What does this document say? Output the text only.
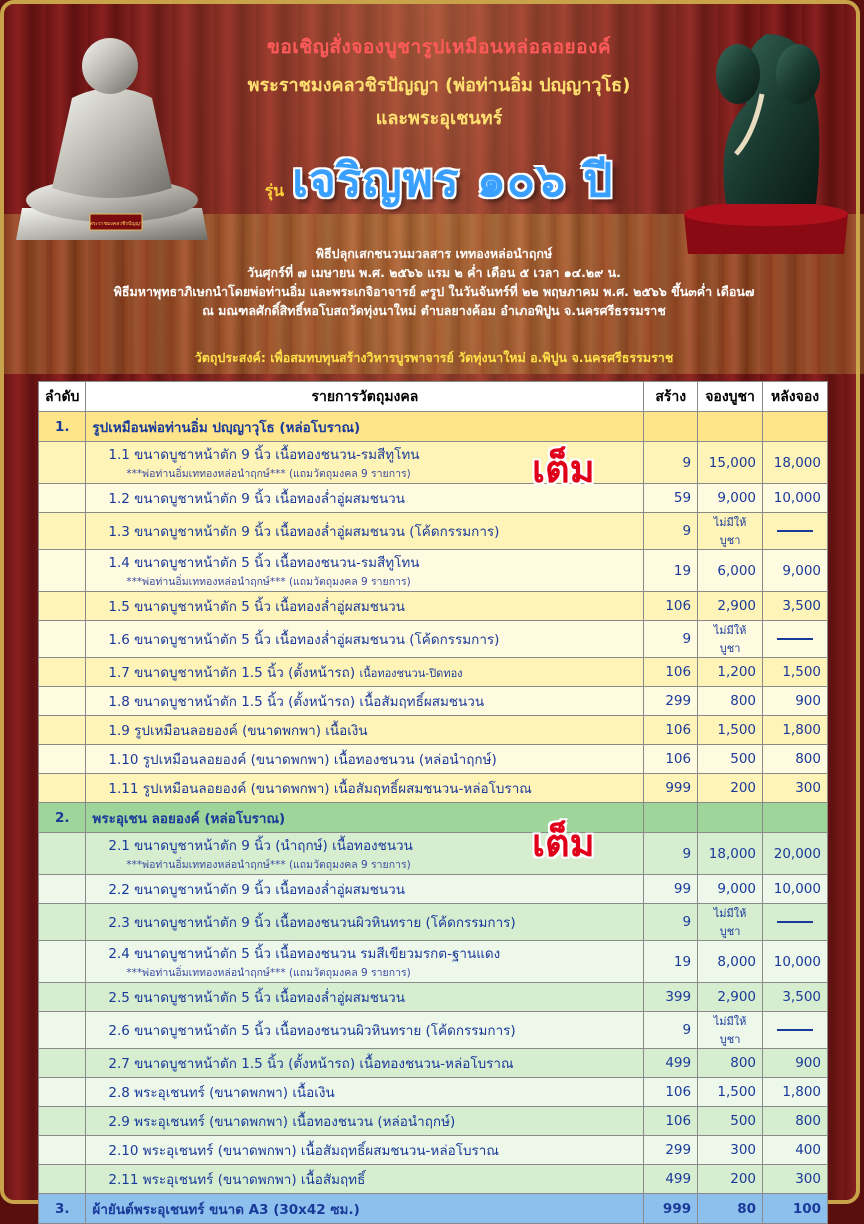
พระราชมงคลวชิรปัญญา
ขอเชิญสั่งจองบูชารูปเหมือนหล่อลอยองค์
พระราชมงคลวชิรปัญญา (พ่อท่านอิ่ม ปญฺญาวุโธ)
และพระอุเชนทร์
รุ่น เจริญพร ๑๐๖ ปี
พิธีปลุกเสกชนวนมวลสาร เททองหล่อนำฤกษ์
วันศุกร์ที่ ๗ เมษายน พ.ศ. ๒๕๖๖ แรม ๒ ค่ำ เดือน ๕ เวลา ๑๔.๒๙ น.
พิธีมหาพุทธาภิเษกนำโดยพ่อท่านอิ่ม และพระเกจิอาจารย์ ๙รูป ในวันจันทร์ที่ ๒๒ พฤษภาคม พ.ศ. ๒๕๖๖ ขึ้น๓ค่ำ เดือน๗
ณ มณฑลศักดิ์สิทธิ์หอโบสถวัดทุ่งนาใหม่ ตำบลยางค้อม อำเภอพิปูน จ.นครศรีธรรมราช
วัตถุประสงค์: เพื่อสมทบทุนสร้างวิหารบูรพาจารย์ วัดทุ่งนาใหม่ อ.พิปูน จ.นครศรีธรรมราช
ลำดับ	รายการวัตถุมงคล	สร้าง	จองบูชา	หลังจอง
1.	รูปเหมือนพ่อท่านอิ่ม ปญฺญาวุโธ (หล่อโบราณ)			

	1.1 ขนาดบูชาหน้าตัก 9 นิ้ว เนื้อทองชนวน-รมสีทูโทน
***พ่อท่านอิ่มเททองหล่อนำฤกษ์*** (แถมวัตถุมงคล 9 รายการ)	9	15,000	18,000

	1.2 ขนาดบูชาหน้าตัก 9 นิ้ว เนื้อทองล่ำอู่ผสมชนวน	59	9,000	10,000

	1.3 ขนาดบูชาหน้าตัก 9 นิ้ว เนื้อทองล่ำอู่ผสมชนวน (โค้ดกรรมการ)	9	ไม่มีให้บูชา	

	1.4 ขนาดบูชาหน้าตัก 5 นิ้ว เนื้อทองชนวน-รมสีทูโทน
***พ่อท่านอิ่มเททองหล่อนำฤกษ์*** (แถมวัตถุมงคล 9 รายการ)	19	6,000	9,000

	1.5 ขนาดบูชาหน้าตัก 5 นิ้ว เนื้อทองล่ำอู่ผสมชนวน	106	2,900	3,500

	1.6 ขนาดบูชาหน้าตัก 5 นิ้ว เนื้อทองล่ำอู่ผสมชนวน (โค้ดกรรมการ)	9	ไม่มีให้บูชา	

	1.7 ขนาดบูชาหน้าตัก 1.5 นิ้ว (ตั้งหน้ารถ) เนื้อทองชนวน-ปิดทอง	106	1,200	1,500

	1.8 ขนาดบูชาหน้าตัก 1.5 นิ้ว (ตั้งหน้ารถ) เนื้อสัมฤทธิ์ผสมชนวน	299	800	900

	1.9 รูปเหมือนลอยองค์ (ขนาดพกพา) เนื้อเงิน	106	1,500	1,800

	1.10 รูปเหมือนลอยองค์ (ขนาดพกพา) เนื้อทองชนวน (หล่อนำฤกษ์)	106	500	800

	1.11 รูปเหมือนลอยองค์ (ขนาดพกพา) เนื้อสัมฤทธิ์ผสมชนวน-หล่อโบราณ	999	200	300
2.	พระอุเชน ลอยองค์ (หล่อโบราณ)			

	2.1 ขนาดบูชาหน้าตัก 9 นิ้ว (นำฤกษ์) เนื้อทองชนวน
***พ่อท่านอิ่มเททองหล่อนำฤกษ์*** (แถมวัตถุมงคล 9 รายการ)	9	18,000	20,000

	2.2 ขนาดบูชาหน้าตัก 9 นิ้ว เนื้อทองล่ำอู่ผสมชนวน	99	9,000	10,000

	2.3 ขนาดบูชาหน้าตัก 9 นิ้ว เนื้อทองชนวนผิวหินทราย (โค้ดกรรมการ)	9	ไม่มีให้บูชา	

	2.4 ขนาดบูชาหน้าตัก 5 นิ้ว เนื้อทองชนวน รมสีเขียวมรกต-ฐานแดง
***พ่อท่านอิ่มเททองหล่อนำฤกษ์*** (แถมวัตถุมงคล 9 รายการ)	19	8,000	10,000

	2.5 ขนาดบูชาหน้าตัก 5 นิ้ว เนื้อทองล่ำอู่ผสมชนวน	399	2,900	3,500

	2.6 ขนาดบูชาหน้าตัก 5 นิ้ว เนื้อทองชนวนผิวหินทราย (โค้ดกรรมการ)	9	ไม่มีให้บูชา	

	2.7 ขนาดบูชาหน้าตัก 1.5 นิ้ว (ตั้งหน้ารถ) เนื้อทองชนวน-หล่อโบราณ	499	800	900

	2.8 พระอุเชนทร์ (ขนาดพกพา) เนื้อเงิน	106	1,500	1,800

	2.9 พระอุเชนทร์ (ขนาดพกพา) เนื้อทองชนวน (หล่อนำฤกษ์)	106	500	800

	2.10 พระอุเชนทร์ (ขนาดพกพา) เนื้อสัมฤทธิ์ผสมชนวน-หล่อโบราณ	299	300	400

	2.11 พระอุเชนทร์ (ขนาดพกพา) เนื้อสัมฤทธิ์	499	200	300
3.	ผ้ายันต์พระอุเชนทร์ ขนาด A3 (30x42 ซม.)	999	80	100
เต็ม
เต็ม
